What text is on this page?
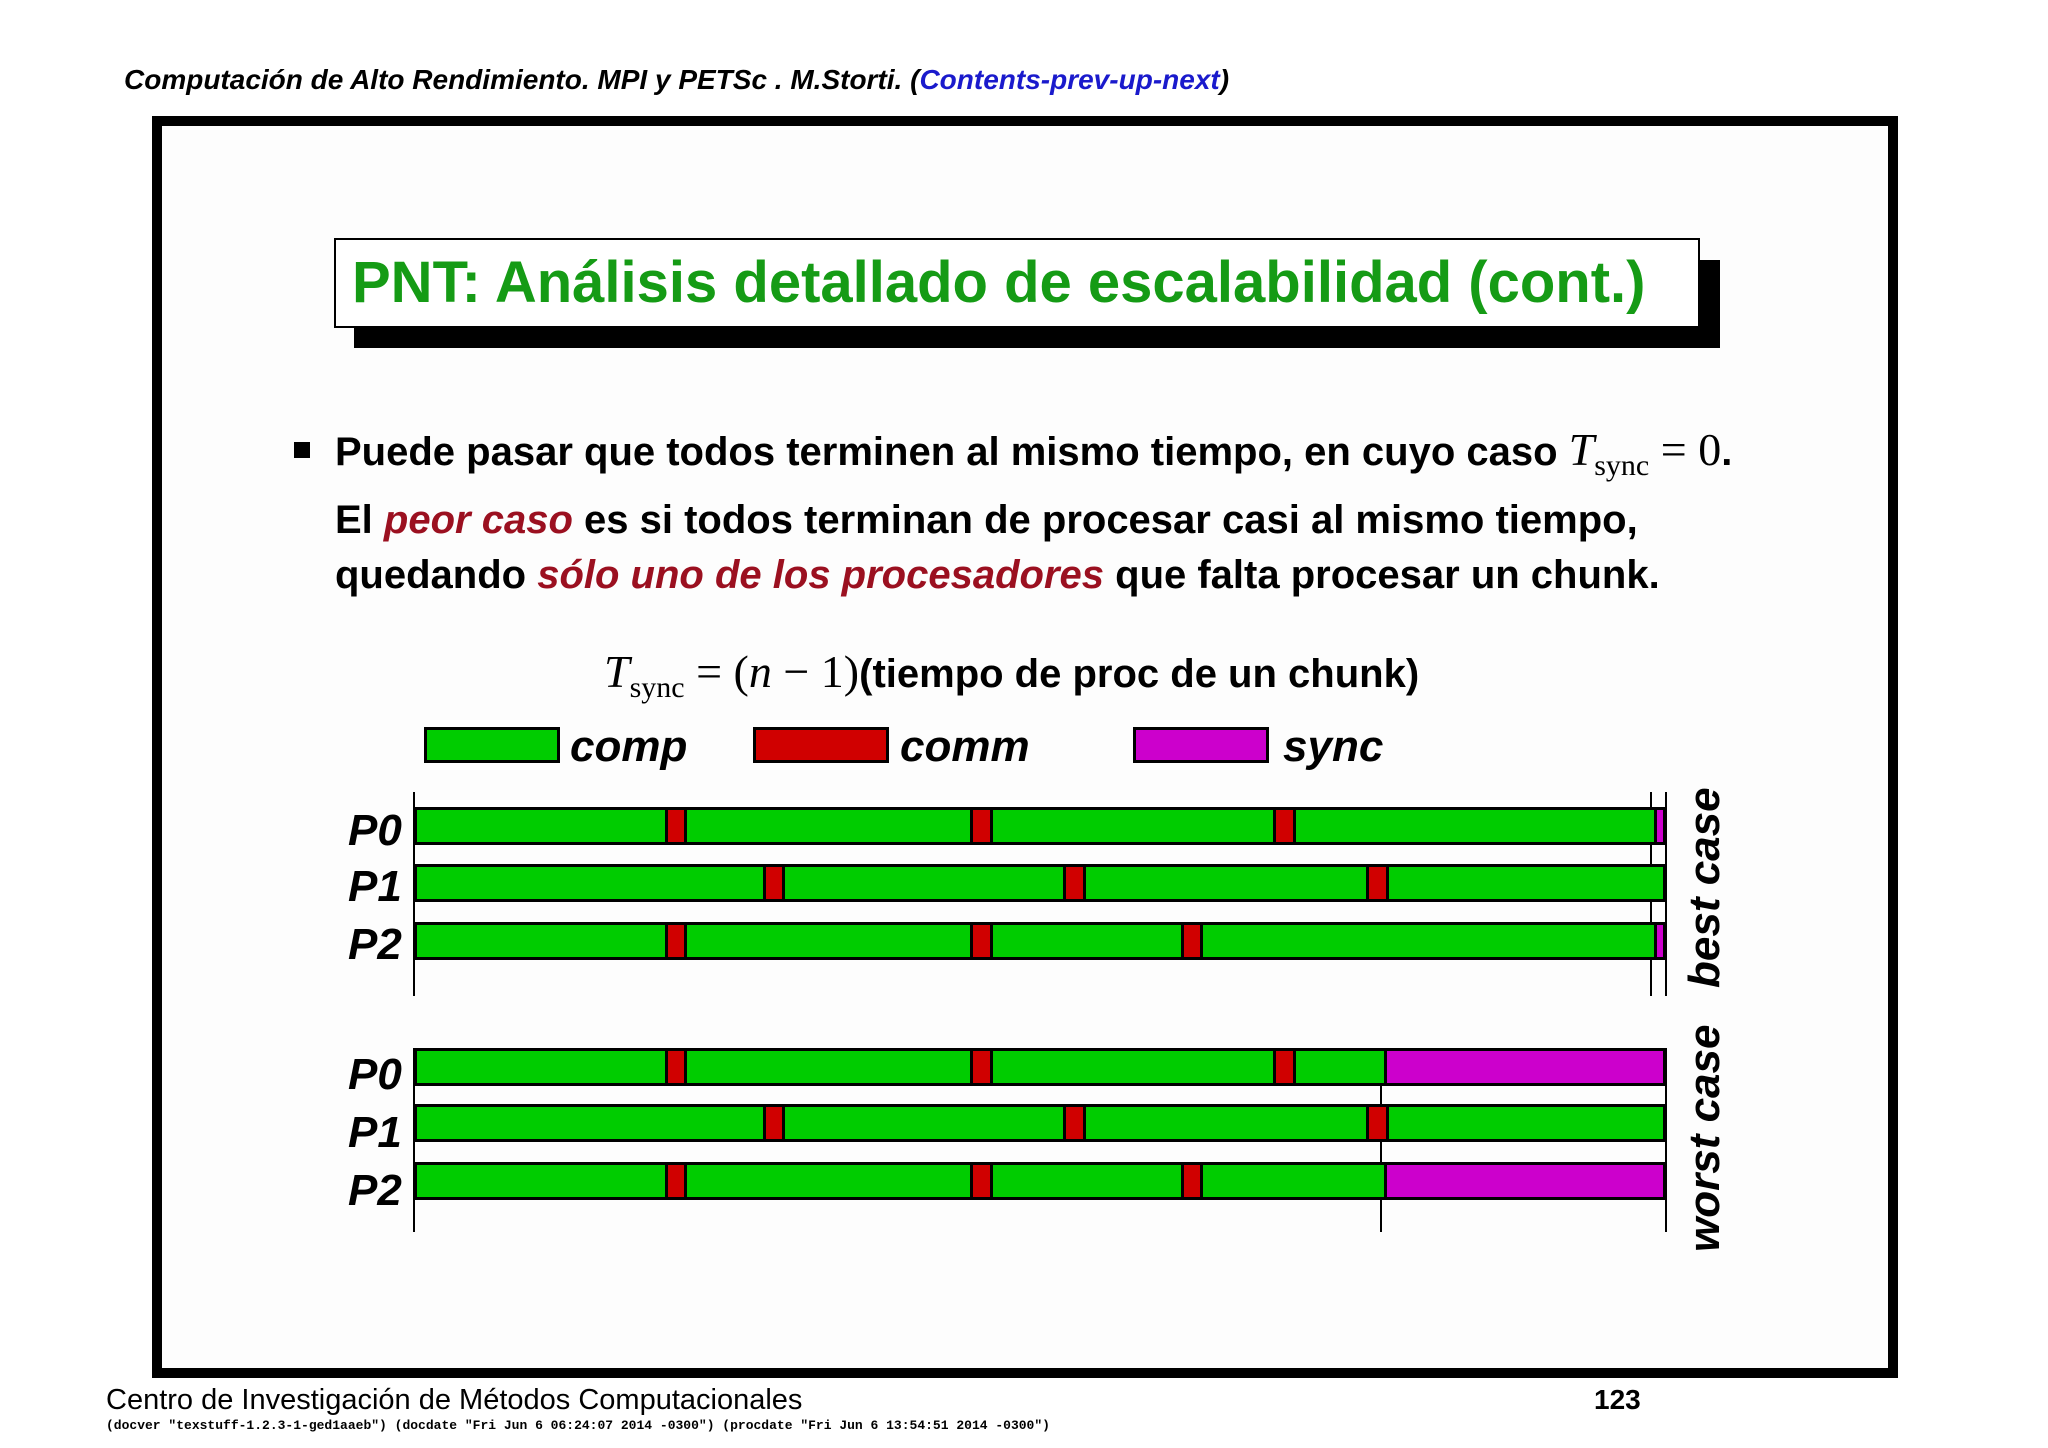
Computación de Alto Rendimiento. MPI y PETSc . M.Storti. (Contents-prev-up-next)
PNT: Análisis detallado de escalabilidad (cont.)
Puede pasar que todos terminen al mismo tiempo, en cuyo caso $T_{sync} = 0$. El peor caso es si todos terminan de procesar casi al mismo tiempo, quedando sólo uno de los procesadores que falta procesar un chunk.
$T_{sync} = (n$ − 1)(tiempo de proc de un chunk)
comp	comm	sync
P0
P1
P2
P0
P1
P2
best case
worst case
Centro de Investigación de Métodos Computacionales	123
(docver "texstuff-1.2.3-1-ged1aaeb") (docdate "Fri Jun 6 06:24:07 2014 -0300") (procdate "Fri Jun 6 13:54:51 2014 -0300")
